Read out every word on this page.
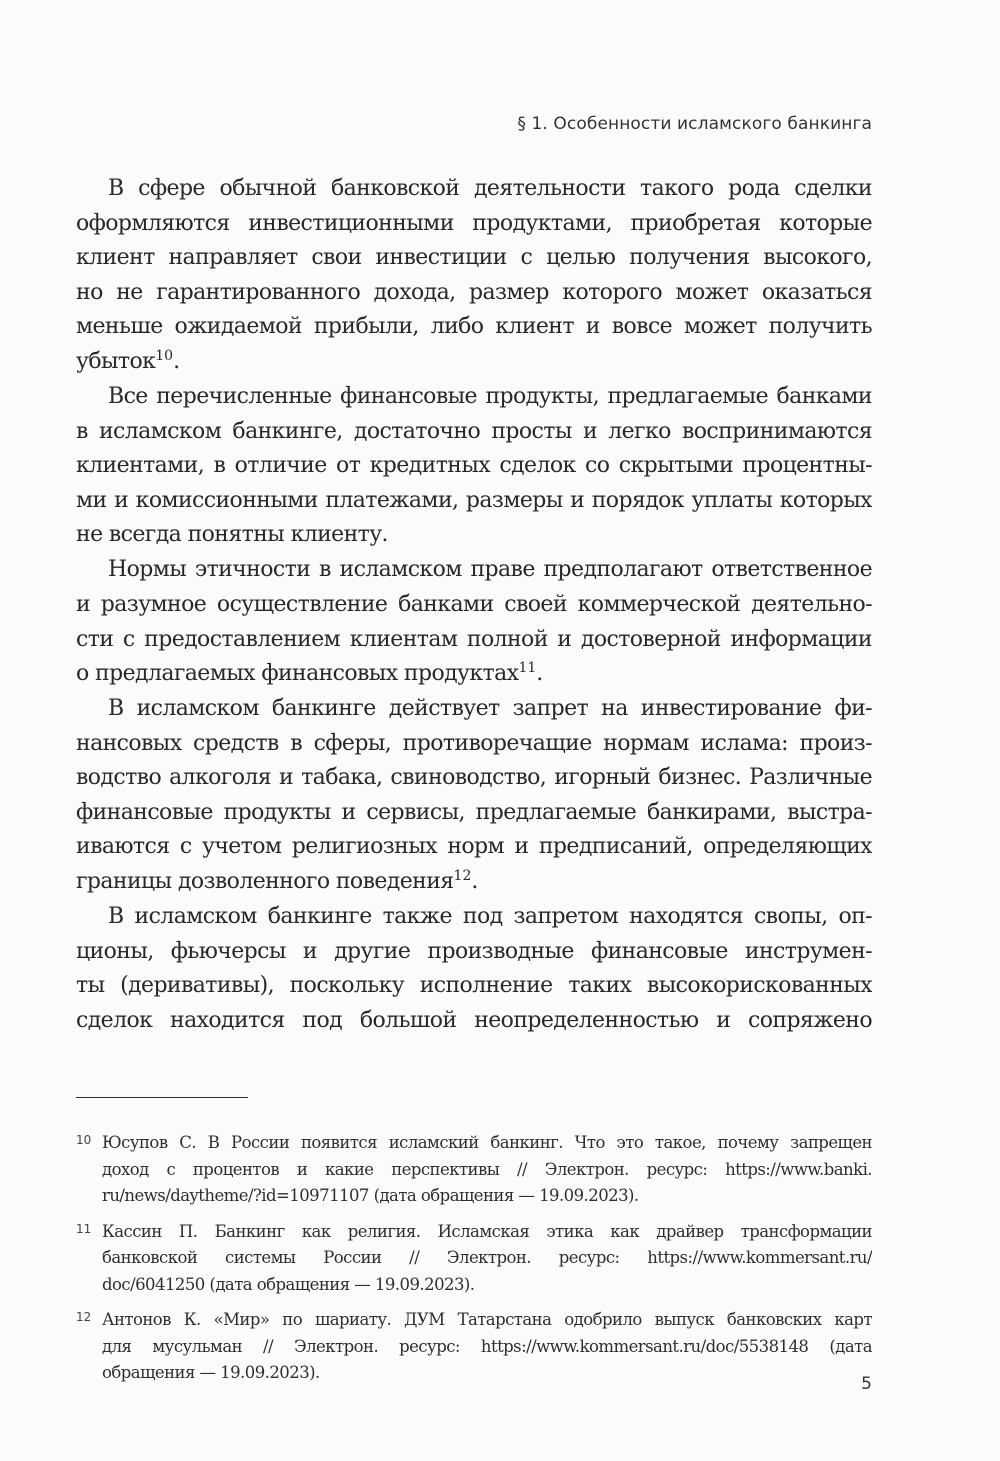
§ 1. Особенности исламского банкинга
В сфере обычной банковской деятельности такого рода сделки
оформляются инвестиционными продуктами, приобретая которые
клиент направляет свои инвестиции с целью получения высокого,
но не гарантированного дохода, размер которого может оказаться
меньше ожидаемой прибыли, либо клиент и вовсе может получить
убыток$^{10}$.
Все перечисленные финансовые продукты, предлагаемые банками
в исламском банкинге, достаточно просты и легко воспринимаются
клиентами, в отличие от кредитных сделок со скрытыми процентны-
ми и комиссионными платежами, размеры и порядок уплаты которых
не всегда понятны клиенту.
Нормы этичности в исламском праве предполагают ответственное
и разумное осуществление банками своей коммерческой деятельно-
сти с предоставлением клиентам полной и достоверной информации
о предлагаемых финансовых продуктах$^{11}$.
В исламском банкинге действует запрет на инвестирование фи-
нансовых средств в сферы, противоречащие нормам ислама: произ-
водство алкоголя и табака, свиноводство, игорный бизнес. Различные
финансовые продукты и сервисы, предлагаемые банкирами, выстра-
иваются с учетом религиозных норм и предписаний, определяющих
границы дозволенного поведения$^{12}$.
В исламском банкинге также под запретом находятся свопы, оп-
ционы, фьючерсы и другие производные финансовые инструмен-
ты (деривативы), поскольку исполнение таких высокорискованных
сделок находится под большой неопределенностью и сопряжено
10 Юсупов С. В России появится исламский банкинг. Что это такое, почему запрещен
доход с процентов и какие перспективы // Электрон. ресурс: https://www.banki.
ru/news/daytheme/?id=10971107 (дата обращения — 19.09.2023).
11 Кассин П. Банкинг как религия. Исламская этика как драйвер трансформации
банковской системы России // Электрон. ресурс: https://www.kommersant.ru/
doc/6041250 (дата обращения — 19.09.2023).
12 Антонов К. «Мир» по шариату. ДУМ Татарстана одобрило выпуск банковских карт
для мусульман // Электрон. ресурс: https://www.kommersant.ru/doc/5538148 (дата
обращения — 19.09.2023).
5
